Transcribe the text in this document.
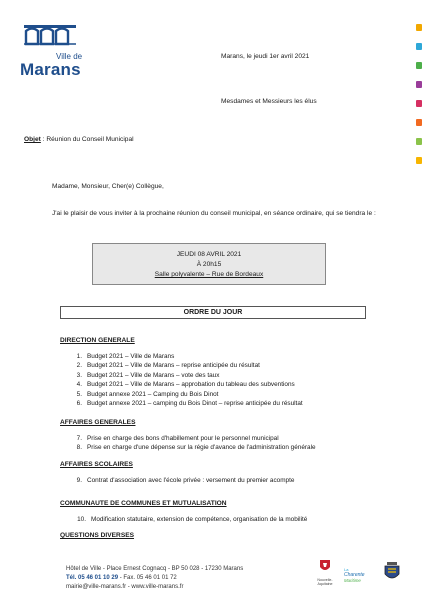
Ville de
Marans
Marans, le jeudi 1er avril 2021
Mesdames et Messieurs les élus
Objet : Réunion du Conseil Municipal
Madame, Monsieur, Cher(e) Collègue,
J'ai le plaisir de vous inviter à la prochaine réunion du conseil municipal, en séance ordinaire, qui se tiendra le :
JEUDI 08 AVRIL 2021
À 20h15
Salle polyvalente – Rue de Bordeaux
ORDRE DU JOUR
DIRECTION GENERALE
1. Budget 2021 – Ville de Marans
2. Budget 2021 – Ville de Marans – reprise anticipée du résultat
3. Budget 2021 – Ville de Marans – vote des taux
4. Budget 2021 – Ville de Marans – approbation du tableau des subventions
5. Budget annexe 2021 – Camping du Bois Dinot
6. Budget annexe 2021 – camping du Bois Dinot – reprise anticipée du résultat
AFFAIRES GENERALES
7. Prise en charge des bons d'habillement pour le personnel municipal
8. Prise en charge d'une dépense sur la régie d'avance de l'administration générale
AFFAIRES SCOLAIRES
9. Contrat d'association avec l'école privée : versement du premier acompte
COMMUNAUTE DE COMMUNES ET MUTUALISATION
10. Modification statutaire, extension de compétence, organisation de la mobilité
QUESTIONS DIVERSES
Hôtel de Ville - Place Ernest Cognacq - BP 50 028 - 17230 Marans
Tél. 05 46 01 10 29 - Fax. 05 46 01 01 72
mairie@ville-marans.fr - www.ville-marans.fr
Nouvelle-Aquitaine
La
Charente
Maritime
